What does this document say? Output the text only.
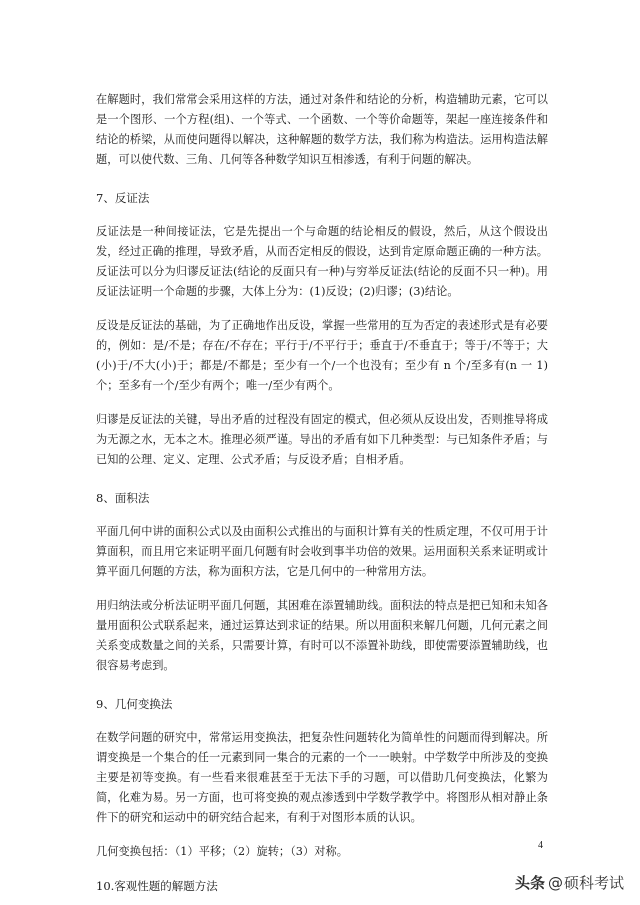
在解题时，我们常常会采用这样的方法，通过对条件和结论的分析，构造辅助元素，它可以是一个图形、一个方程(组)、一个等式、一个函数、一个等价命题等，架起一座连接条件和结论的桥梁，从而使问题得以解决，这种解题的数学方法，我们称为构造法。运用构造法解题，可以使代数、三角、几何等各种数学知识互相渗透，有利于问题的解决。

7、反证法

反证法是一种间接证法，它是先提出一个与命题的结论相反的假设，然后，从这个假设出发，经过正确的推理，导致矛盾，从而否定相反的假设，达到肯定原命题正确的一种方法。反证法可以分为归谬反证法(结论的反面只有一种)与穷举反证法(结论的反面不只一种)。用反证法证明一个命题的步骤，大体上分为：(1)反设；(2)归谬；(3)结论。

反设是反证法的基础，为了正确地作出反设，掌握一些常用的互为否定的表述形式是有必要的，例如：是/不是；存在/不存在；平行于/不平行于；垂直于/不垂直于；等于/不等于；大(小)于/不大(小)于；都是/不都是；至少有一个/一个也没有；至少有 n 个/至多有(n 一 1)个；至多有一个/至少有两个；唯一/至少有两个。

归谬是反证法的关键，导出矛盾的过程没有固定的模式，但必须从反设出发，否则推导将成为无源之水，无本之木。推理必须严谨。导出的矛盾有如下几种类型：与已知条件矛盾；与已知的公理、定义、定理、公式矛盾；与反设矛盾；自相矛盾。

8、面积法

平面几何中讲的面积公式以及由面积公式推出的与面积计算有关的性质定理，不仅可用于计算面积，而且用它来证明平面几何题有时会收到事半功倍的效果。运用面积关系来证明或计算平面几何题的方法，称为面积方法，它是几何中的一种常用方法。

用归纳法或分析法证明平面几何题，其困难在添置辅助线。面积法的特点是把已知和未知各量用面积公式联系起来，通过运算达到求证的结果。所以用面积来解几何题，几何元素之间关系变成数量之间的关系，只需要计算，有时可以不添置补助线，即使需要添置辅助线，也很容易考虑到。

9、几何变换法

在数学问题的研究中，常常运用变换法，把复杂性问题转化为简单性的问题而得到解决。所谓变换是一个集合的任一元素到同一集合的元素的一个一一映射。中学数学中所涉及的变换主要是初等变换。有一些看来很难甚至于无法下手的习题，可以借助几何变换法，化繁为简，化难为易。另一方面，也可将变换的观点渗透到中学数学教学中。将图形从相对静止条件下的研究和运动中的研究结合起来，有利于对图形本质的认识。

几何变换包括：（1）平移；（2）旋转；（3）对称。

10.客观性题的解题方法
4
头条 @ 硕科考试
